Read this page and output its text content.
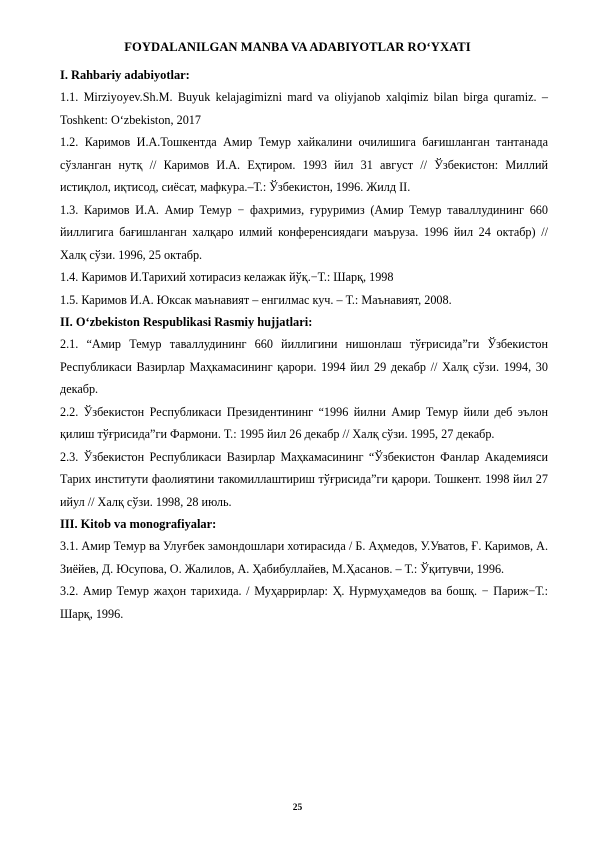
FOYDALANILGAN MANBA VA ADABIYOTLAR RO‘YXATI

I. Rahbariy adabiyotlar:

1.1. Mirziyoyev.Sh.M. Buyuk kelajagimizni mard va oliyjanob xalqimiz bilan birga quramiz. – Toshkent: O‘zbekiston, 2017

1.2. Каримов И.А.Тошкентда Амир Темур хайкалини очилишига бағишланган тантанада сўзланган нутқ // Каримов И.А. Еҳтиром. 1993 йил 31 август // Ўзбекистон: Миллий истиқлол, иқтисод, сиёсат, мафкура.–Т.: Ўзбекистон, 1996. Жилд II.

1.3. Каримов И.А. Амир Темур − фахримиз, ғуруримиз (Амир Темур таваллудининг 660 йиллигига бағишланган халқаро илмий конференсиядаги маъруза. 1996 йил 24 октабр) // Халқ сўзи. 1996, 25 октабр.

1.4. Каримов И.Тарихий хотирасиз келажак йўқ.−Т.: Шарқ, 1998

1.5. Каримов И.А. Юксак маънавият – енгилмас куч. – Т.: Маънавият, 2008.

II. O‘zbekiston Respublikasi Rasmiy hujjatlari:

2.1. “Амир Темур таваллудининг 660 йиллигини нишонлаш тўғрисида”ги Ўзбекистон Республикаси Вазирлар Маҳкамасининг қарори. 1994 йил 29 декабр // Халқ сўзи. 1994, 30 декабр.

2.2. Ўзбекистон Республикаси Президентининг “1996 йилни Амир Темур йили деб эълон қилиш тўғрисида”ги Фармони. Т.: 1995 йил 26 декабр // Халқ сўзи. 1995, 27 декабр.

2.3. Ўзбекистон Республикаси Вазирлар Маҳкамасининг “Ўзбекистон Фанлар Академияси Тарих институти фаолиятини такомиллаштириш тўғрисида”ги қарори. Тошкент. 1998 йил 27 ийул // Халқ сўзи. 1998, 28 июль.

III. Kitob va monografiyalar:

3.1. Амир Темур ва Улуғбек замондошлари хотирасида / Б. Аҳмедов, У.Уватов, Ғ. Каримов, А. Зиёйев, Д. Юсупова, О. Жалилов, А. Ҳабибуллайев, М.Ҳасанов. – Т.: Ўқитувчи, 1996.

3.2. Амир Темур жаҳон тарихида. / Муҳаррирлар: Ҳ. Нурмуҳамедов ва бошқ. − Париж−Т.: Шарқ, 1996.

25
